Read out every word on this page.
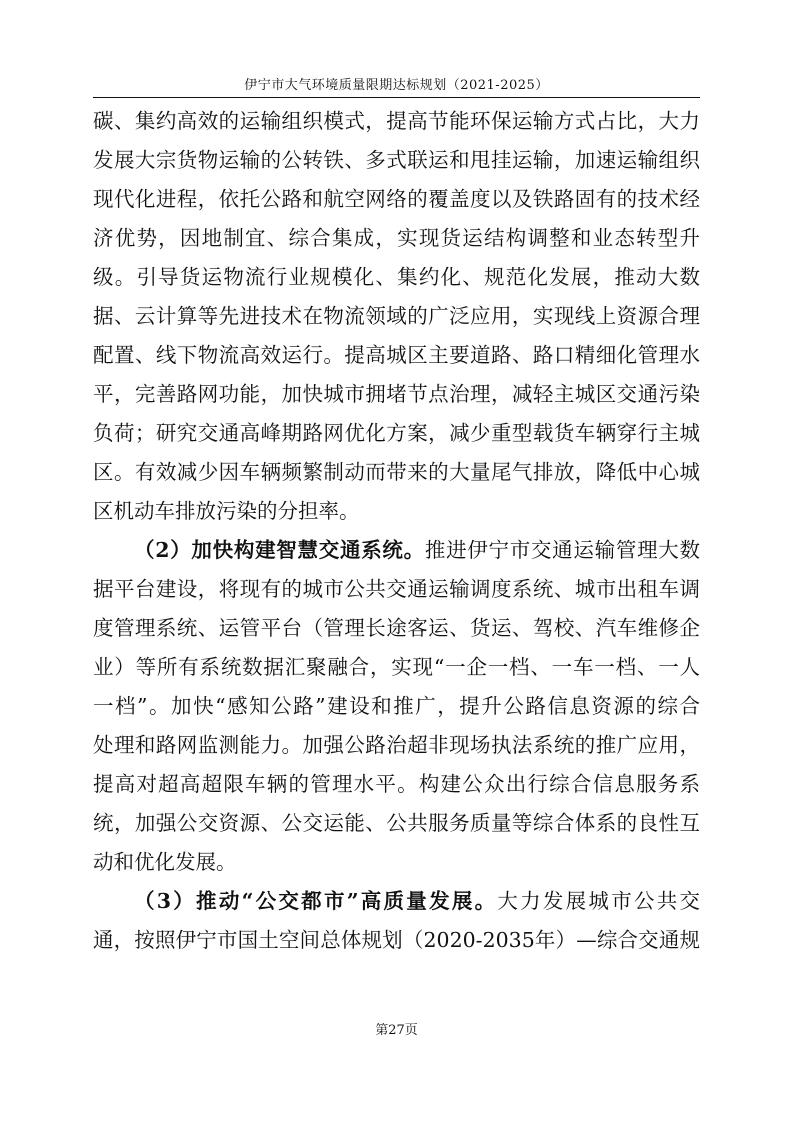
伊宁市大气环境质量限期达标规划（2021-2025）
碳、集约高效的运输组织模式，提高节能环保运输方式占比，大力
发展大宗货物运输的公转铁、多式联运和甩挂运输，加速运输组织
现代化进程，依托公路和航空网络的覆盖度以及铁路固有的技术经
济优势，因地制宜、综合集成，实现货运结构调整和业态转型升
级。引导货运物流行业规模化、集约化、规范化发展，推动大数
据、云计算等先进技术在物流领域的广泛应用，实现线上资源合理
配置、线下物流高效运行。提高城区主要道路、路口精细化管理水
平，完善路网功能，加快城市拥堵节点治理，减轻主城区交通污染
负荷；研究交通高峰期路网优化方案，减少重型载货车辆穿行主城
区。有效减少因车辆频繁制动而带来的大量尾气排放，降低中心城
区机动车排放污染的分担率。
（2）加快构建智慧交通系统。推进伊宁市交通运输管理大数
据平台建设，将现有的城市公共交通运输调度系统、城市出租车调
度管理系统、运管平台（管理长途客运、货运、驾校、汽车维修企
业）等所有系统数据汇聚融合，实现“一企一档、一车一档、一人
一档”。加快“感知公路”建设和推广，提升公路信息资源的综合
处理和路网监测能力。加强公路治超非现场执法系统的推广应用，
提高对超高超限车辆的管理水平。构建公众出行综合信息服务系
统，加强公交资源、公交运能、公共服务质量等综合体系的良性互
动和优化发展。
（3）推动“公交都市”高质量发展。大力发展城市公共交
通，按照伊宁市国土空间总体规划（2020-2035年）—综合交通规
第27页
